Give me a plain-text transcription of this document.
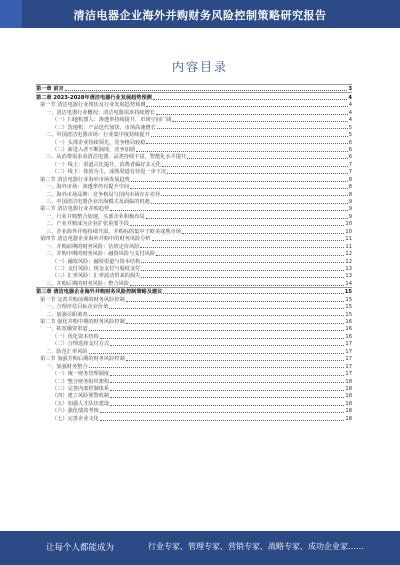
清洁电器企业海外并购财务风险控制策略研究报告
内容目录
第一章 前言	3
第二章 2023-2028年清洁电器行业发展趋势预测	4
第一节 清洁电器行业现状及行业发展趋势预测	4
一、清洁电器行业概况：清洁电器需求持续增长	4
（一）扫地机器人：渗透率持续提升，市场空间广阔	4
（二）洗地机：产品迭代加快，市场高速增长	5
二、中国清洁电器市场：行业集中度持续提升	5
（一）头部企业持续领先，竞争格局较稳	6
（二）新进入者不断涌现，竞争加剧	6
三、从消费需求看清洁电器，品类持续丰富，智能化水平提升	6
（一）线上：渠道占比提升，消费者偏好多元化	7
（二）线下：体验为主，成熟渠道有待进一步下沉	7
第二节 清洁电器行业海外市场发展趋势	8
一、海外市场：渗透率仍有提升空间	8
二、海外市场品牌：竞争格局与国内市场存在差异	8
三、中国清洁电器企业出海模式及面临的机遇	9
第三节 清洁电器行业并购趋势	9
一、行业并购整合加速，头部企业积极布局	9
二、产业并购成为企业扩张重要手段	10
三、企业海外并购持续升温，并购标的集中于欧美成熟市场	10
第四节 清洁电器企业海外并购中的财务风险分析	11
一、并购前期的财务风险：估值定价风险	11
二、并购中期的财务风险：融资风险与支付风险	12
（一）融资风险：融资渠道与资本结构	12
（二）支付风险：现金支付与股权支付	13
（三）汇率风险：汇率波动带来的损失	13
三、并购后期的财务风险：整合风险	14
第三章 清洁电器企业海外并购财务风险控制策略及建议	15
第一节 完善并购前期的财务风险控制	15
一、合理评估目标企业价值	15
二、加强尽职调查	15
第二节 强化并购中期的财务风险控制	16
一、拓宽融资渠道	16
（一）优化资本结构	16
（二）合理选择支付方式	17
二、防范汇率风险	17
第三节 加强并购后期的财务风险控制	17
一、加强财务整合	17
（一）统一财务管理制度	17
（二）整合财务组织架构	18
（三）完善内部控制体系	18
（四）建立风险预警机制	18
（五）加强人才队伍建设	18
（六）强化绩效考核	18
（七）完善企业文化	18
让每个人都能成为	行业专家、管理专家、营销专家、战略专家、成功企业家……
